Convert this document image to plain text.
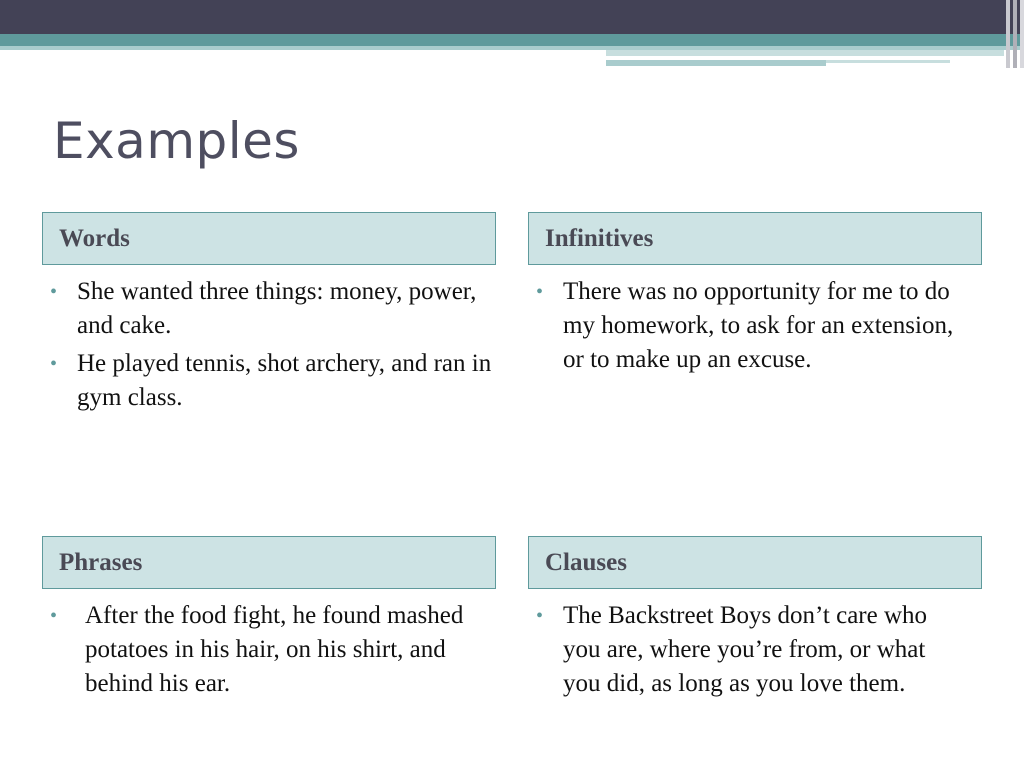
Examples
Words
• She wanted three things: money, power, and cake.
• He played tennis, shot archery, and ran in gym class.
Infinitives
• There was no opportunity for me to do my homework, to ask for an extension, or to make up an excuse.
Phrases
• After the food fight, he found mashed potatoes in his hair, on his shirt, and behind his ear.
Clauses
• The Backstreet Boys don’t care who you are, where you’re from, or what you did, as long as you love them.
